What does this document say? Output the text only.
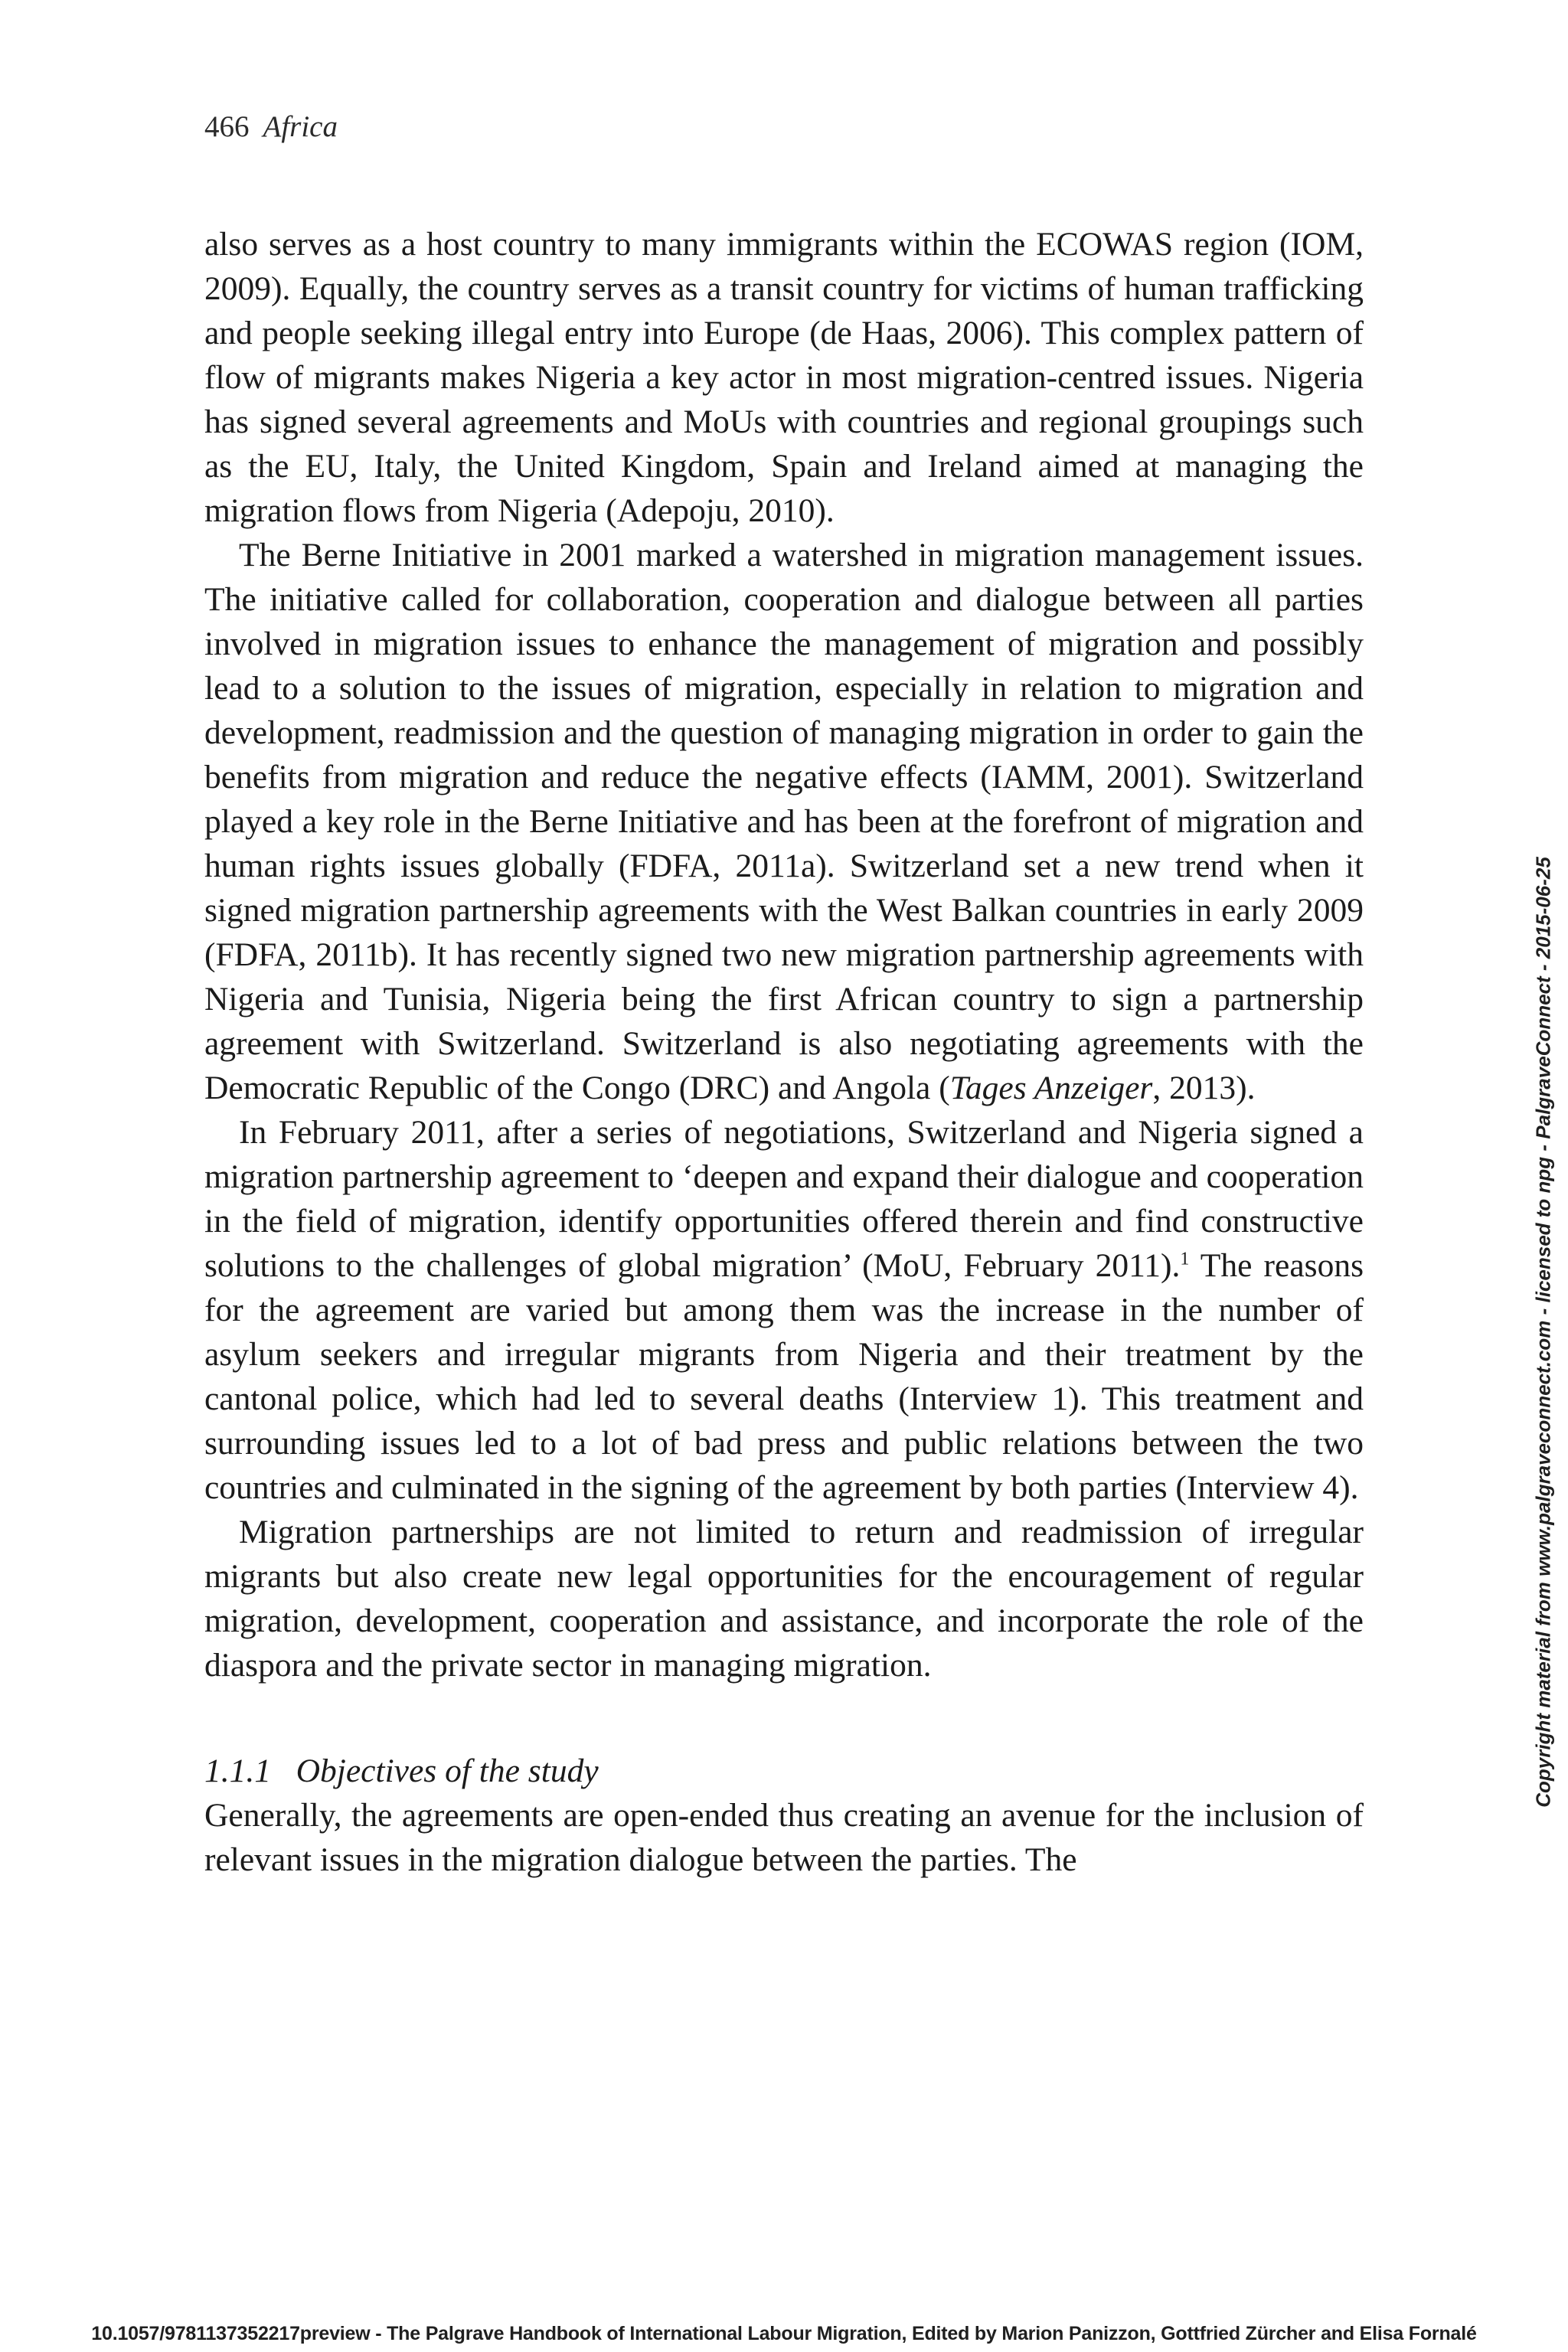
466 Africa

also serves as a host country to many immigrants within the ECOWAS region (IOM, 2009). Equally, the country serves as a transit country for victims of human trafficking and people seeking illegal entry into Europe (de Haas, 2006). This complex pattern of flow of migrants makes Nigeria a key actor in most migration-centred issues. Nigeria has signed several agreements and MoUs with countries and regional groupings such as the EU, Italy, the United Kingdom, Spain and Ireland aimed at managing the migration flows from Nigeria (Adepoju, 2010).

The Berne Initiative in 2001 marked a watershed in migration management issues. The initiative called for collaboration, cooperation and dialogue between all parties involved in migration issues to enhance the management of migration and possibly lead to a solution to the issues of migration, especially in relation to migration and development, readmission and the question of managing migration in order to gain the benefits from migration and reduce the negative effects (IAMM, 2001). Switzerland played a key role in the Berne Initiative and has been at the forefront of migration and human rights issues globally (FDFA, 2011a). Switzerland set a new trend when it signed migration partnership agreements with the West Balkan countries in early 2009 (FDFA, 2011b). It has recently signed two new migration partnership agreements with Nigeria and Tunisia, Nigeria being the first African country to sign a partnership agreement with Switzerland. Switzerland is also negotiating agreements with the Democratic Republic of the Congo (DRC) and Angola (Tages Anzeiger, 2013).

In February 2011, after a series of negotiations, Switzerland and Nigeria signed a migration partnership agreement to ‘deepen and expand their dialogue and cooperation in the field of migration, identify opportunities offered therein and find constructive solutions to the challenges of global migration’ (MoU, February 2011).$^1$ The reasons for the agreement are varied but among them was the increase in the number of asylum seekers and irregular migrants from Nigeria and their treatment by the cantonal police, which had led to several deaths (Interview 1). This treatment and surrounding issues led to a lot of bad press and public relations between the two countries and culminated in the signing of the agreement by both parties (Interview 4).

Migration partnerships are not limited to return and readmission of irregular migrants but also create new legal opportunities for the encouragement of regular migration, development, cooperation and assistance, and incorporate the role of the diaspora and the private sector in managing migration.

1.1.1 Objectives of the study

Generally, the agreements are open-ended thus creating an avenue for the inclusion of relevant issues in the migration dialogue between the parties. The

Copyright material from www.palgraveconnect.com - licensed to npg - PalgraveConnect - 2015-06-25
10.1057/9781137352217preview - The Palgrave Handbook of International Labour Migration, Edited by Marion Panizzon, Gottfried Zürcher and Elisa Fornalé
